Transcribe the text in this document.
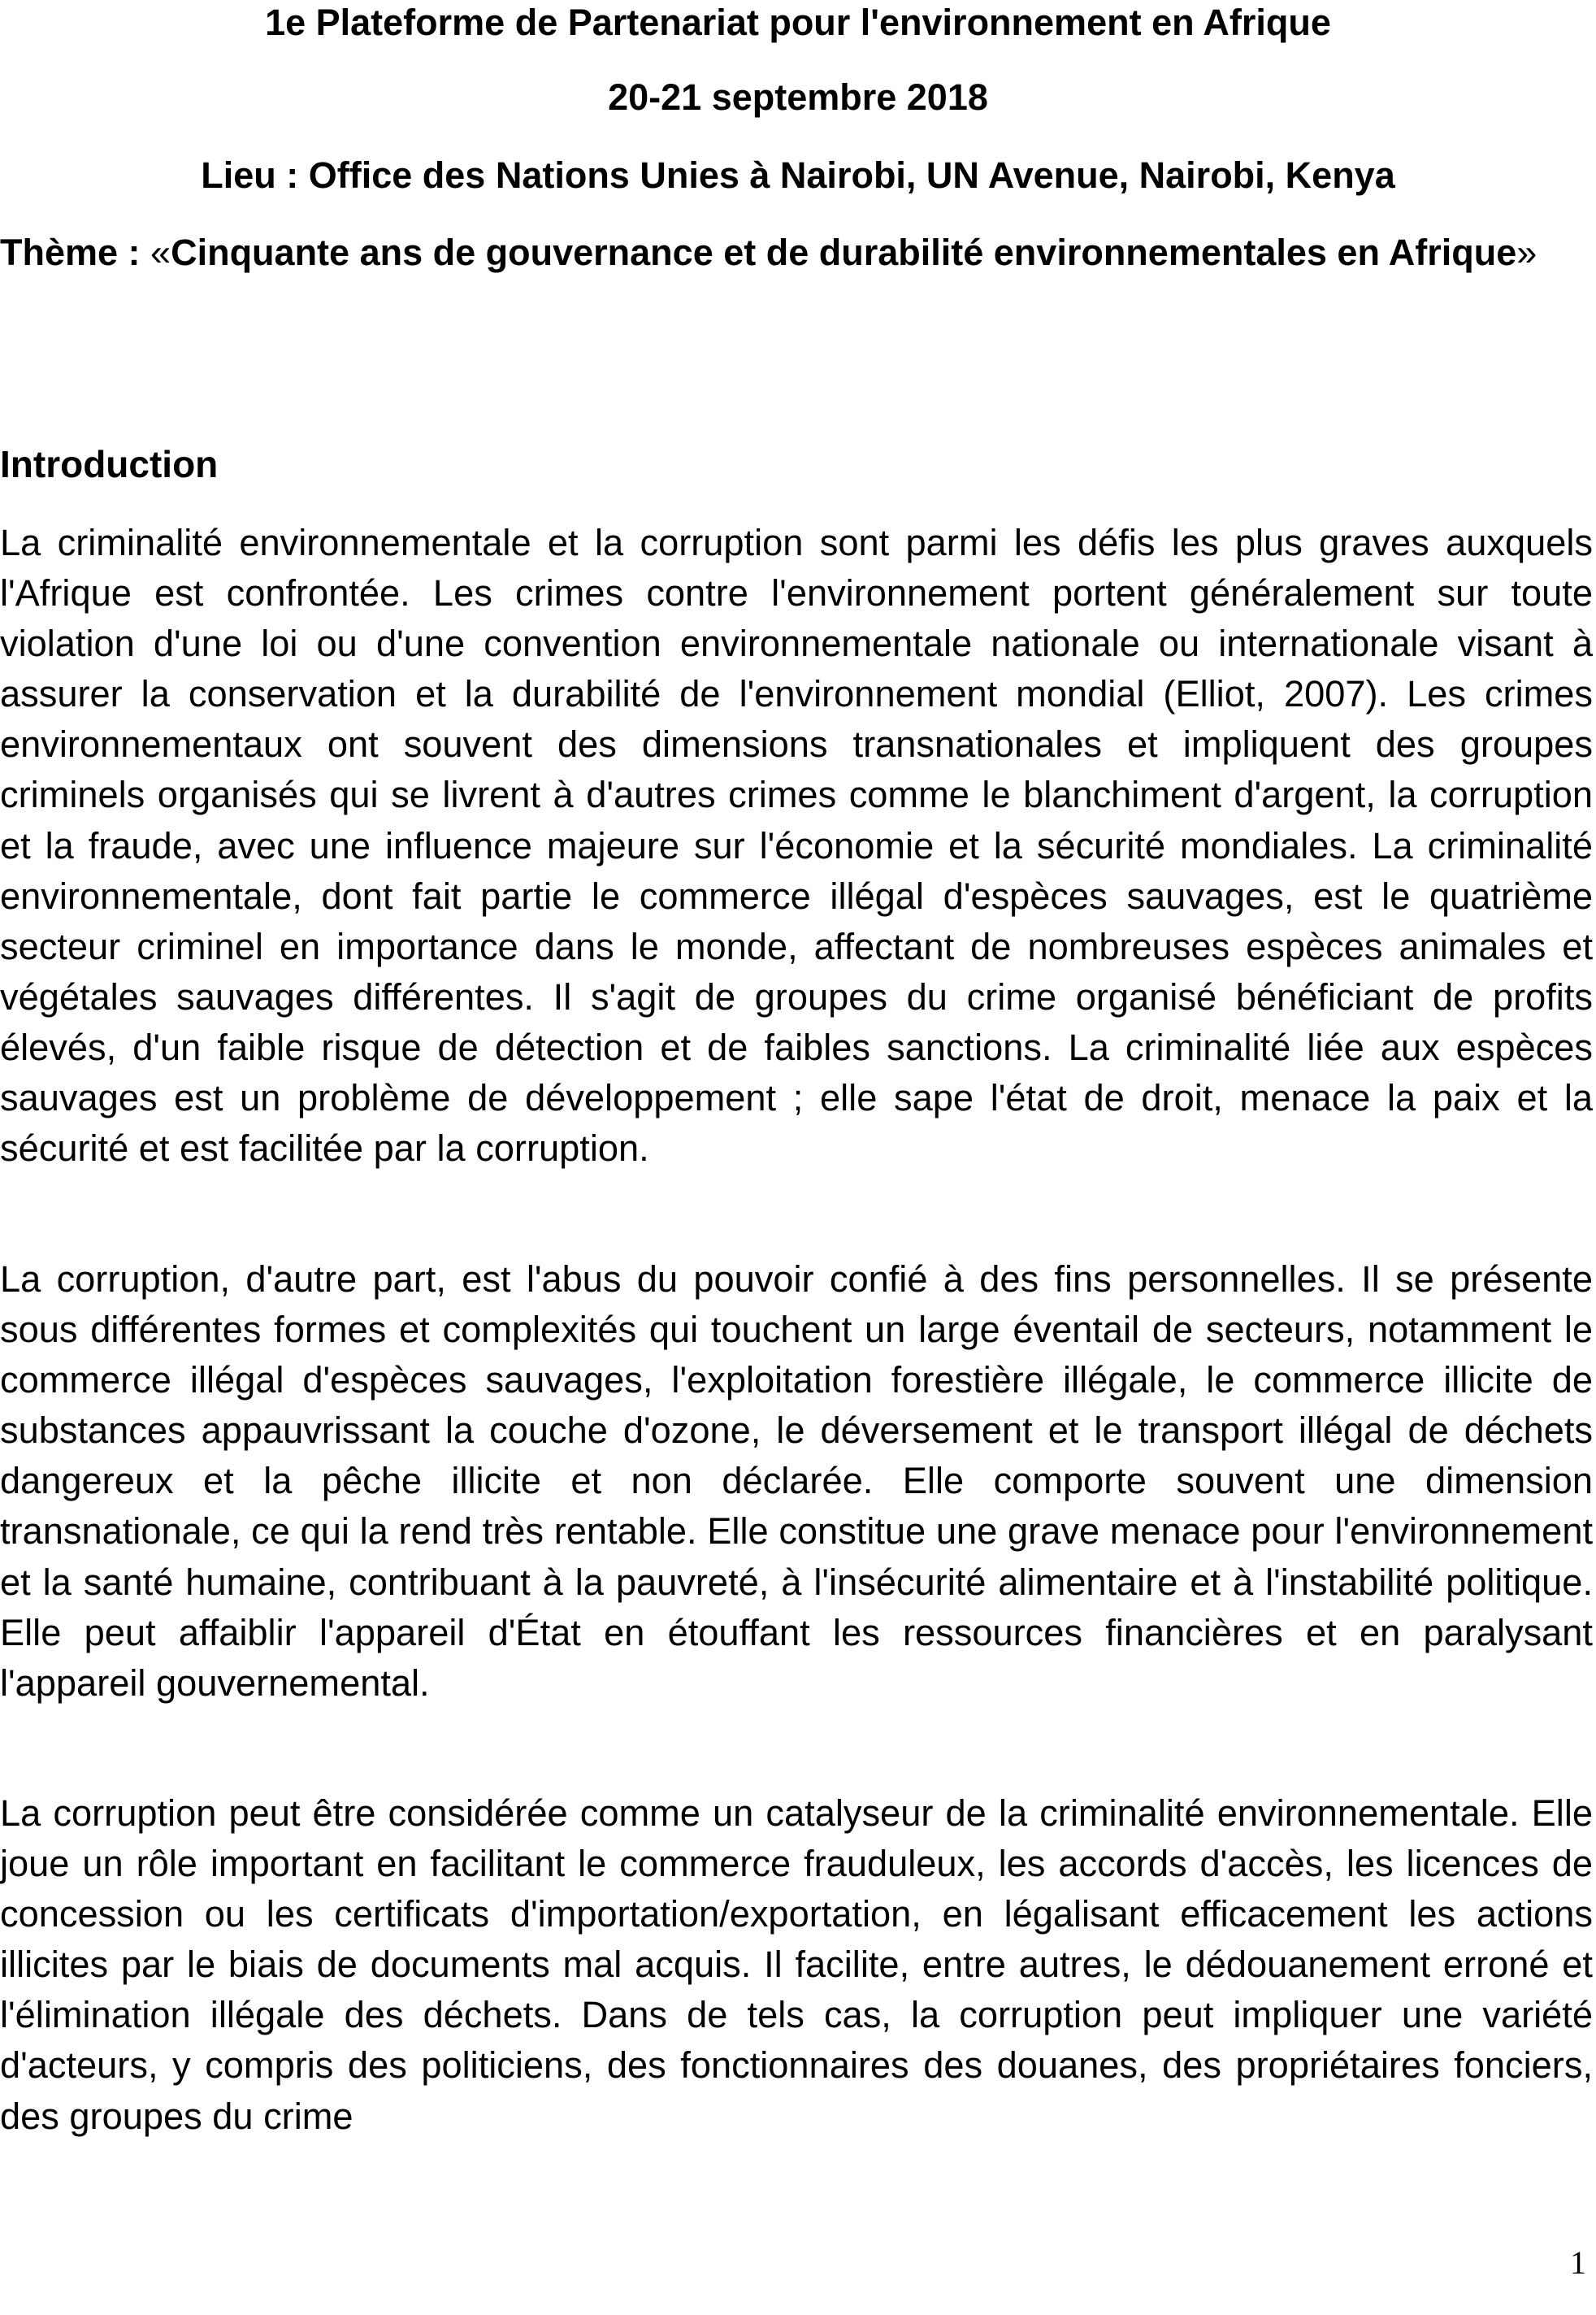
1e Plateforme de Partenariat pour l'environnement en Afrique
20-21 septembre 2018
Lieu : Office des Nations Unies à Nairobi, UN Avenue, Nairobi, Kenya
Thème : «Cinquante ans de gouvernance et de durabilité environnementales en Afrique»
Introduction

La criminalité environnementale et la corruption sont parmi les défis les plus graves auxquels l'Afrique est confrontée. Les crimes contre l'environnement portent généralement sur toute violation d'une loi ou d'une convention environnementale nationale ou internationale visant à assurer la conservation et la durabilité de l'environnement mondial (Elliot, 2007). Les crimes environnementaux ont souvent des dimensions transnationales et impliquent des groupes criminels organisés qui se livrent à d'autres crimes comme le blanchiment d'argent, la corruption et la fraude, avec une influence majeure sur l'économie et la sécurité mondiales. La criminalité environnementale, dont fait partie le commerce illégal d'espèces sauvages, est le quatrième secteur criminel en importance dans le monde, affectant de nombreuses espèces animales et végétales sauvages différentes. Il s'agit de groupes du crime organisé bénéficiant de profits élevés, d'un faible risque de détection et de faibles sanctions. La criminalité liée aux espèces sauvages est un problème de développement ; elle sape l'état de droit, menace la paix et la sécurité et est facilitée par la corruption.

La corruption, d'autre part, est l'abus du pouvoir confié à des fins personnelles. Il se présente sous différentes formes et complexités qui touchent un large éventail de secteurs, notamment le commerce illégal d'espèces sauvages, l'exploitation forestière illégale, le commerce illicite de substances appauvrissant la couche d'ozone, le déversement et le transport illégal de déchets dangereux et la pêche illicite et non déclarée. Elle comporte souvent une dimension transnationale, ce qui la rend très rentable. Elle constitue une grave menace pour l'environnement et la santé humaine, contribuant à la pauvreté, à l'insécurité alimentaire et à l'instabilité politique. Elle peut affaiblir l'appareil d'État en étouffant les ressources financières et en paralysant l'appareil gouvernemental.

La corruption peut être considérée comme un catalyseur de la criminalité environnementale. Elle joue un rôle important en facilitant le commerce frauduleux, les accords d'accès, les licences de concession ou les certificats d'importation/exportation, en légalisant efficacement les actions illicites par le biais de documents mal acquis. Il facilite, entre autres, le dédouanement erroné et l'élimination illégale des déchets. Dans de tels cas, la corruption peut impliquer une variété d'acteurs, y compris des politiciens, des fonctionnaires des douanes, des propriétaires fonciers, des groupes du crime

1
